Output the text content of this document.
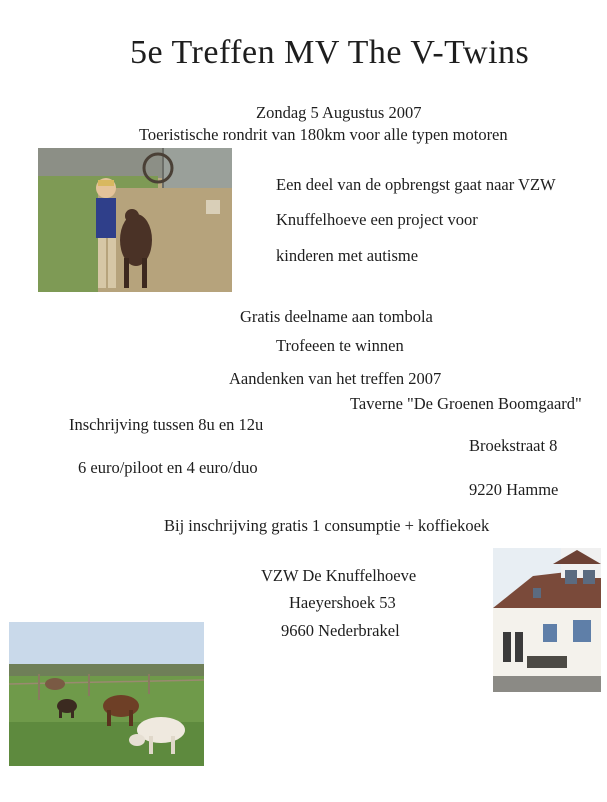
5e Treffen MV The V-Twins
Zondag 5 Augustus 2007
Toeristische rondrit van 180km voor alle typen motoren
Een deel van de opbrengst gaat naar VZW
Knuffelhoeve een project voor
kinderen met autisme
Gratis deelname aan tombola
Trofeeen te winnen
Aandenken van het treffen 2007
Taverne "De Groenen Boomgaard"
Inschrijving tussen 8u en 12u
Broekstraat 8
6 euro/piloot en 4 euro/duo
9220 Hamme
Bij inschrijving gratis 1 consumptie + koffiekoek
VZW De Knuffelhoeve
Haeyershoek 53
9660 Nederbrakel
